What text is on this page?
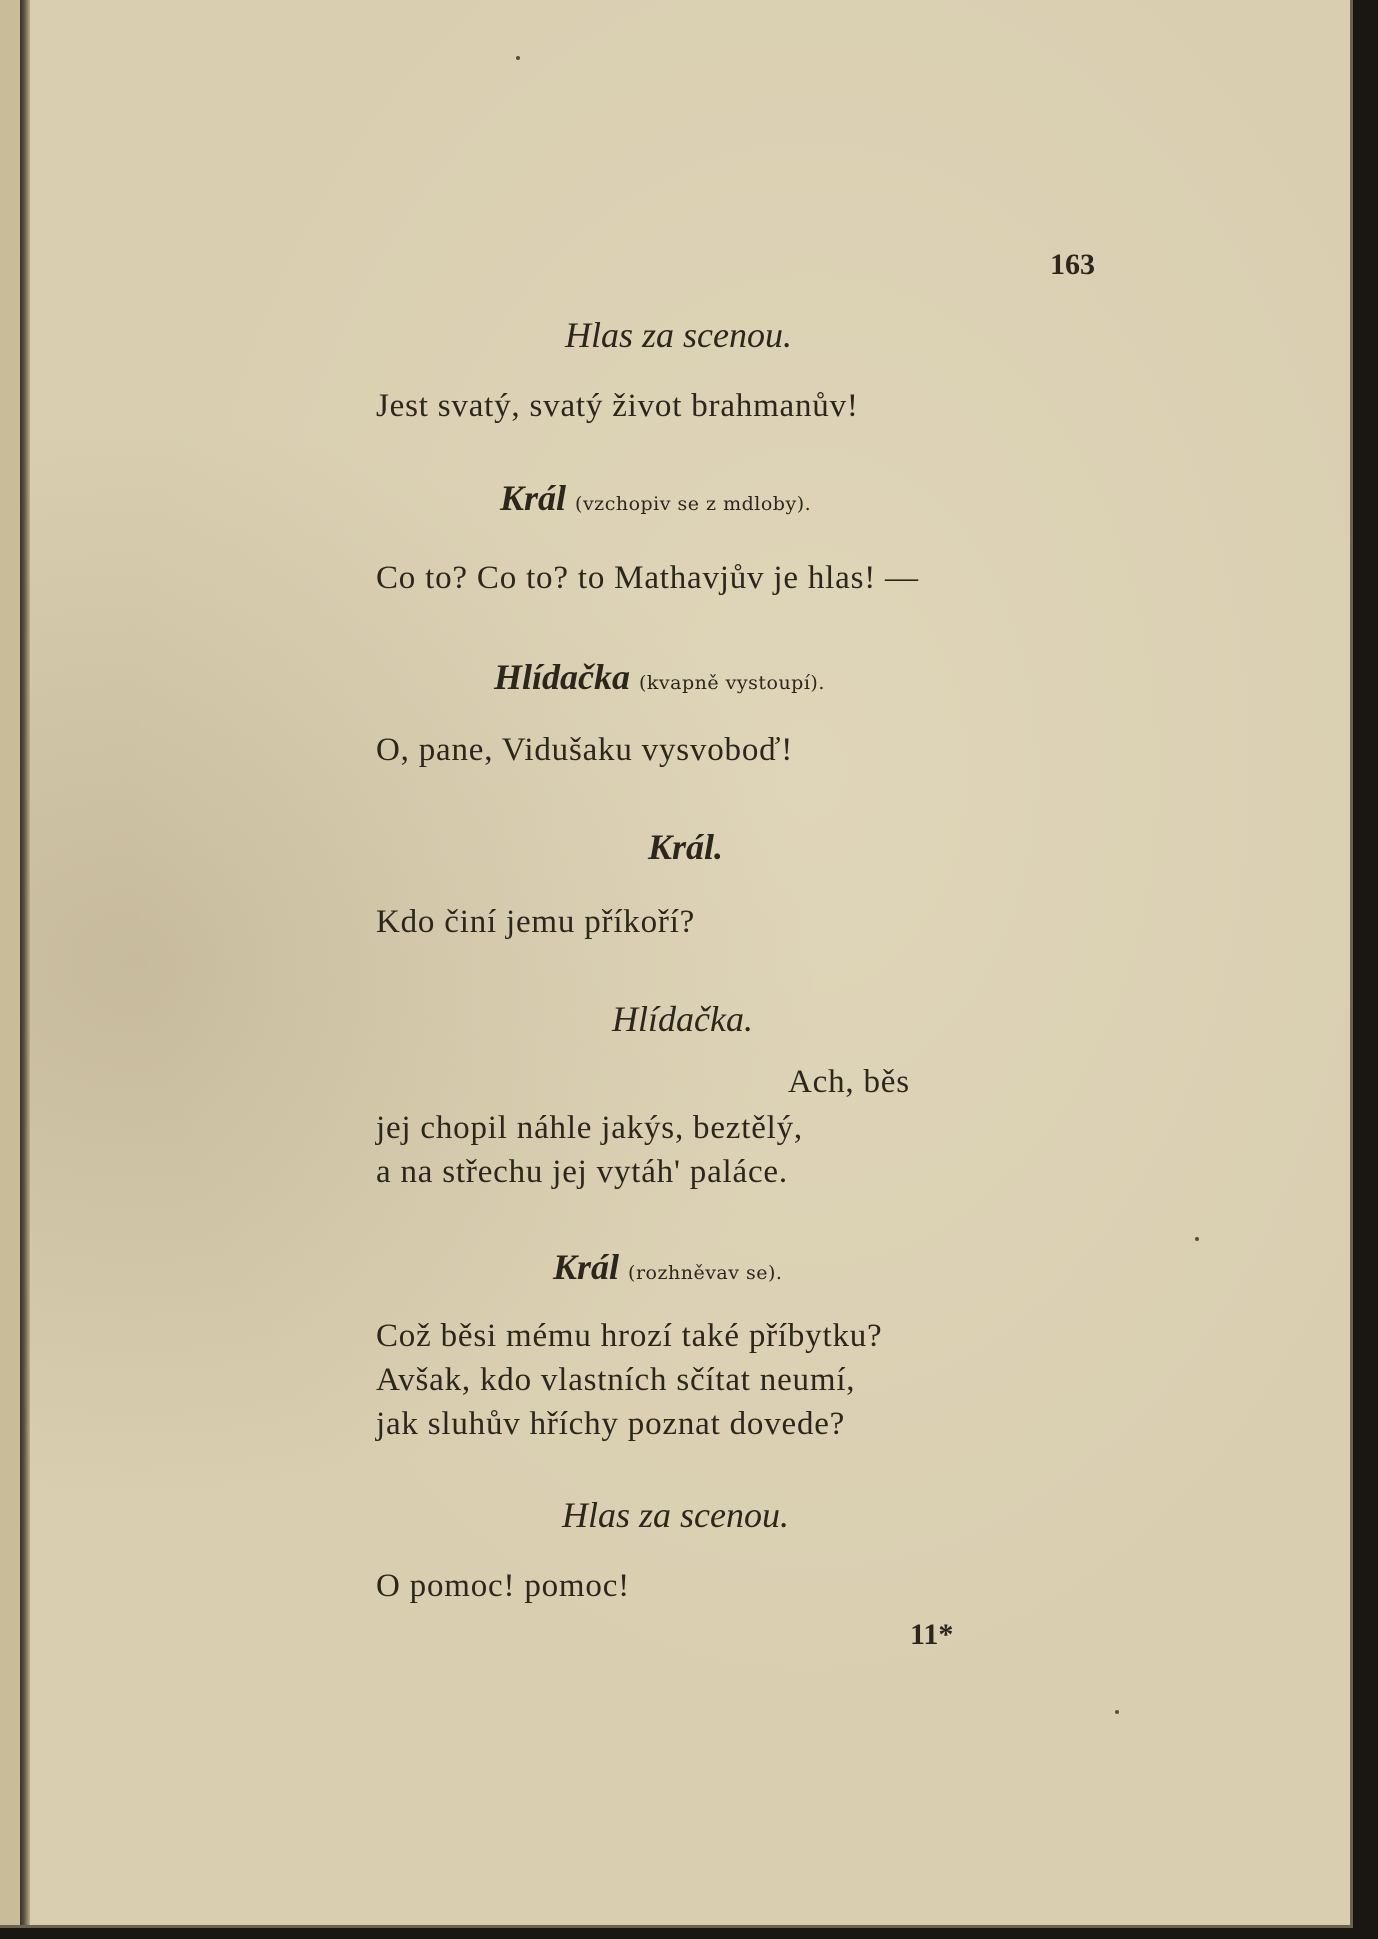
163

Hlas za scenou.

Jest svatý, svatý život brahmanův!

Král (vzchopiv se z mdloby).

Co to? Co to? to Mathavjův je hlas! —

Hlídačka (kvapně vystoupí).

O, pane, Vidušaku vysvoboď!

Král.

Kdo činí jemu příkoří?

Hlídačka.

Ach, běs

jej chopil náhle jakýs, beztělý,

a na střechu jej vytáh' paláce.

Král (rozhněvav se).

Což běsi mému hrozí také příbytku?

Avšak, kdo vlastních sčítat neumí,

jak sluhův hříchy poznat dovede?

Hlas za scenou.

O pomoc! pomoc!

11*
